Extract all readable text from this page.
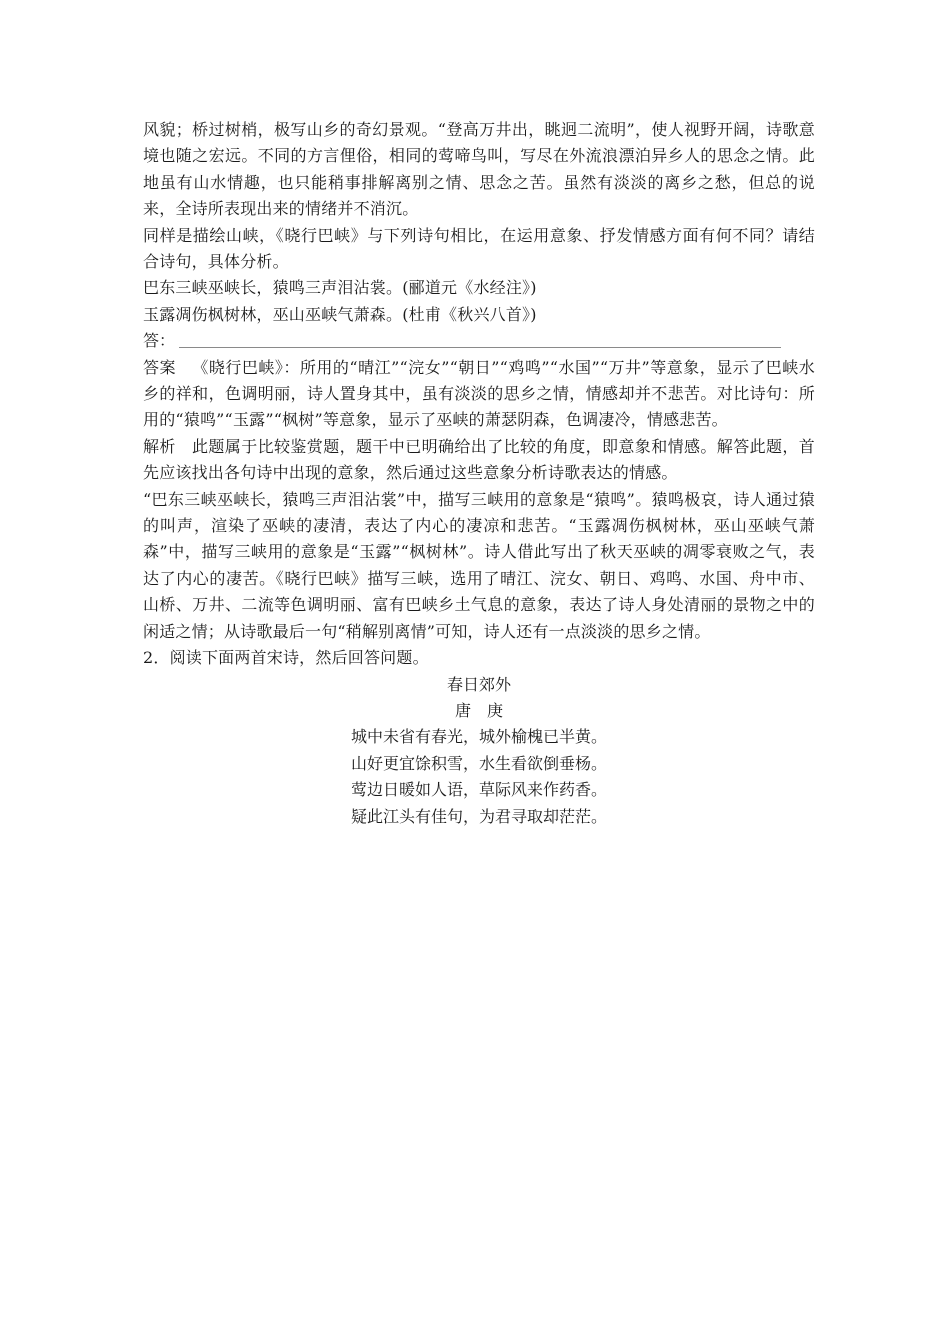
风貌；桥过树梢，极写山乡的奇幻景观。“登高万井出，眺迥二流明”，使人视野开阔，诗歌意境也随之宏远。不同的方言俚俗，相同的莺啼鸟叫，写尽在外流浪漂泊异乡人的思念之情。此地虽有山水情趣，也只能稍事排解离别之情、思念之苦。虽然有淡淡的离乡之愁，但总的说来，全诗所表现出来的情绪并不消沉。

同样是描绘山峡，《晓行巴峡》与下列诗句相比，在运用意象、抒发情感方面有何不同？请结合诗句，具体分析。

巴东三峡巫峡长，猿鸣三声泪沾裳。(郦道元《水经注》)

玉露凋伤枫树林，巫山巫峡气萧森。(杜甫《秋兴八首》)

答：

答案 《晓行巴峡》：所用的“晴江”“浣女”“朝日”“鸡鸣”“水国”“万井”等意象，显示了巴峡水乡的祥和，色调明丽，诗人置身其中，虽有淡淡的思乡之情，情感却并不悲苦。对比诗句：所用的“猿鸣”“玉露”“枫树”等意象，显示了巫峡的萧瑟阴森，色调凄冷，情感悲苦。

解析 此题属于比较鉴赏题，题干中已明确给出了比较的角度，即意象和情感。解答此题，首先应该找出各句诗中出现的意象，然后通过这些意象分析诗歌表达的情感。

“巴东三峡巫峡长，猿鸣三声泪沾裳”中，描写三峡用的意象是“猿鸣”。猿鸣极哀，诗人通过猿的叫声，渲染了巫峡的凄清，表达了内心的凄凉和悲苦。“玉露凋伤枫树林，巫山巫峡气萧森”中，描写三峡用的意象是“玉露”“枫树林”。诗人借此写出了秋天巫峡的凋零衰败之气，表达了内心的凄苦。《晓行巴峡》描写三峡，选用了晴江、浣女、朝日、鸡鸣、水国、舟中市、山桥、万井、二流等色调明丽、富有巴峡乡土气息的意象，表达了诗人身处清丽的景物之中的闲适之情；从诗歌最后一句“稍解别离情”可知，诗人还有一点淡淡的思乡之情。

2．阅读下面两首宋诗，然后回答问题。

春日郊外
唐　庚
城中未省有春光，城外榆槐已半黄。
山好更宜馀积雪，水生看欲倒垂杨。
莺边日暖如人语，草际风来作药香。
疑此江头有佳句，为君寻取却茫茫。
